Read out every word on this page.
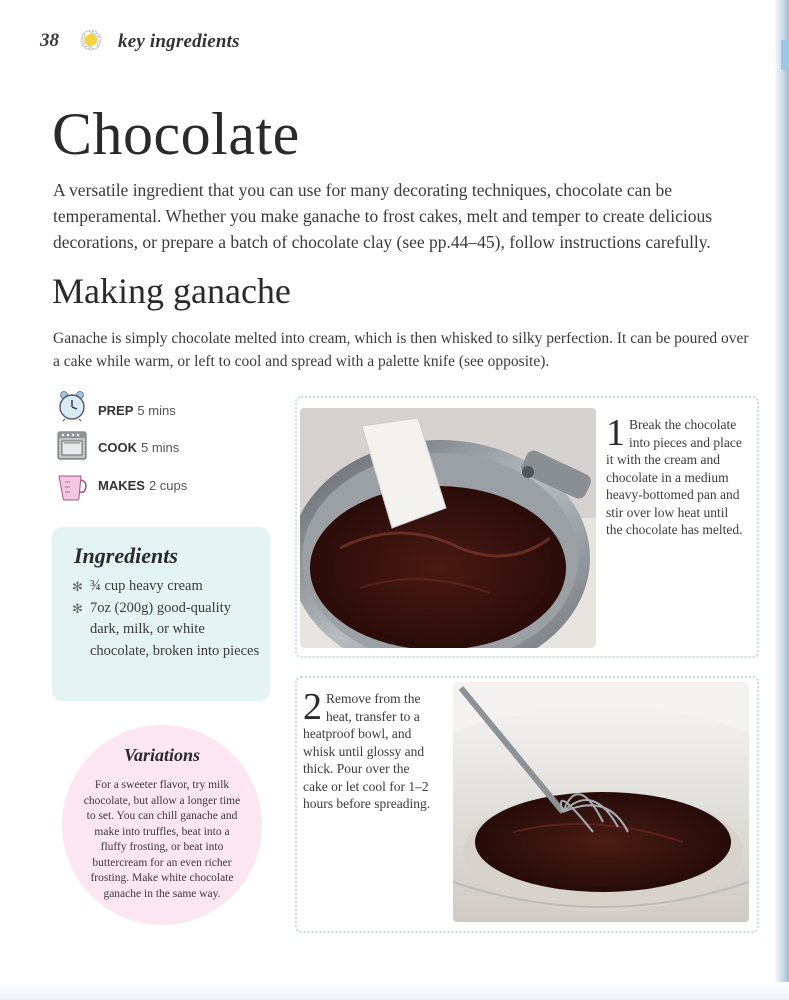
38	key ingredients
Chocolate
A versatile ingredient that you can use for many decorating techniques, chocolate can be temperamental. Whether you make ganache to frost cakes, melt and temper to create delicious decorations, or prepare a batch of chocolate clay (see pp.44–45), follow instructions carefully.
Making ganache
Ganache is simply chocolate melted into cream, which is then whisked to silky perfection. It can be poured over a cake while warm, or left to cool and spread with a palette knife (see opposite).
PREP 5 mins
COOK 5 mins
MAKES 2 cups
Ingredients
✻ ¾ cup heavy cream
✻ 7oz (200g) good-quality dark, milk, or white chocolate, broken into pieces
Variations
For a sweeter flavor, try milk chocolate, but allow a longer time to set. You can chill ganache and make into truffles, beat into a fluffy frosting, or beat into buttercream for an even richer frosting. Make white chocolate ganache in the same way.
1 Break the chocolate into pieces and place it with the cream and chocolate in a medium heavy-bottomed pan and stir over low heat until the chocolate has melted.
2 Remove from the heat, transfer to a heatproof bowl, and whisk until glossy and thick. Pour over the cake or let cool for 1–2 hours before spreading.
